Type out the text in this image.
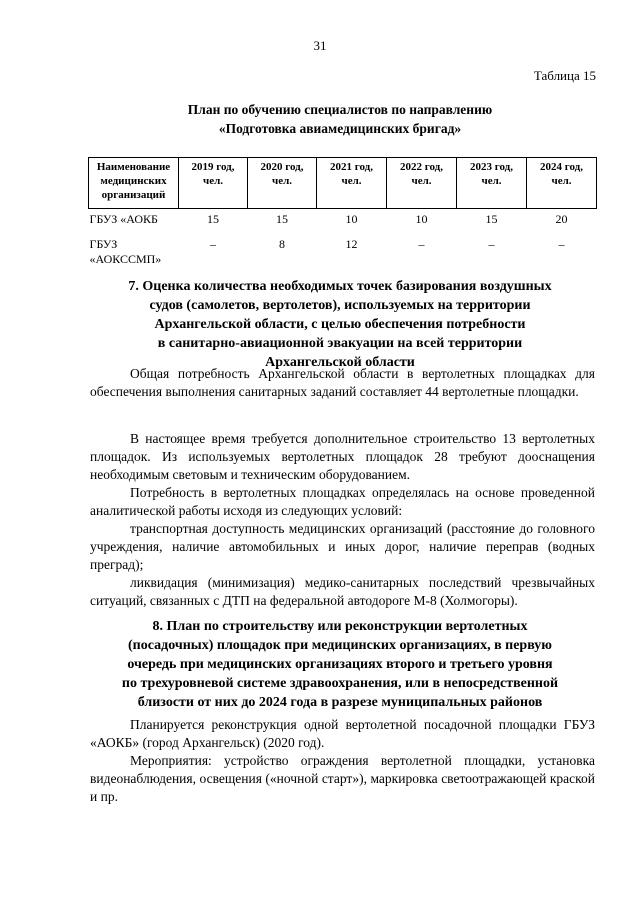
31
Таблица 15
План по обучению специалистов по направлению
«Подготовка авиамедицинских бригад»
Наименование медицинских организаций	2019 год, чел.	2020 год, чел.	2021 год, чел.	2022 год, чел.	2023 год, чел.	2024 год, чел.
ГБУЗ «АОКБ	15	15	10	10	15	20
ГБУЗ «АОКССМП»	–	8	12	–	–	–
7. Оценка количества необходимых точек базирования воздушных
судов (самолетов, вертолетов), используемых на территории
Архангельской области, с целью обеспечения потребности
в санитарно-авиационной эвакуации на всей территории
Архангельской области

Общая потребность Архангельской области в вертолетных площадках для обеспечения выполнения санитарных заданий составляет 44 вертолетные площадки.

В настоящее время требуется дополнительное строительство 13 вертолетных площадок. Из используемых вертолетных площадок 28 требуют дооснащения необходимым световым и техническим оборудованием.

Потребность в вертолетных площадках определялась на основе проведенной аналитической работы исходя из следующих условий:

транспортная доступность медицинских организаций (расстояние до головного учреждения, наличие автомобильных и иных дорог, наличие переправ (водных преград);

ликвидация (минимизация) медико-санитарных последствий чрезвычайных ситуаций, связанных с ДТП на федеральной автодороге М-8 (Холмогоры).

8. План по строительству или реконструкции вертолетных
(посадочных) площадок при медицинских организациях, в первую
очередь при медицинских организациях второго и третьего уровня
по трехуровневой системе здравоохранения, или в непосредственной
близости от них до 2024 года в разрезе муниципальных районов

Планируется реконструкция одной вертолетной посадочной площадки ГБУЗ «АОКБ» (город Архангельск) (2020 год).

Мероприятия: устройство ограждения вертолетной площадки, установка видеонаблюдения, освещения («ночной старт»), маркировка светоотражающей краской и пр.
